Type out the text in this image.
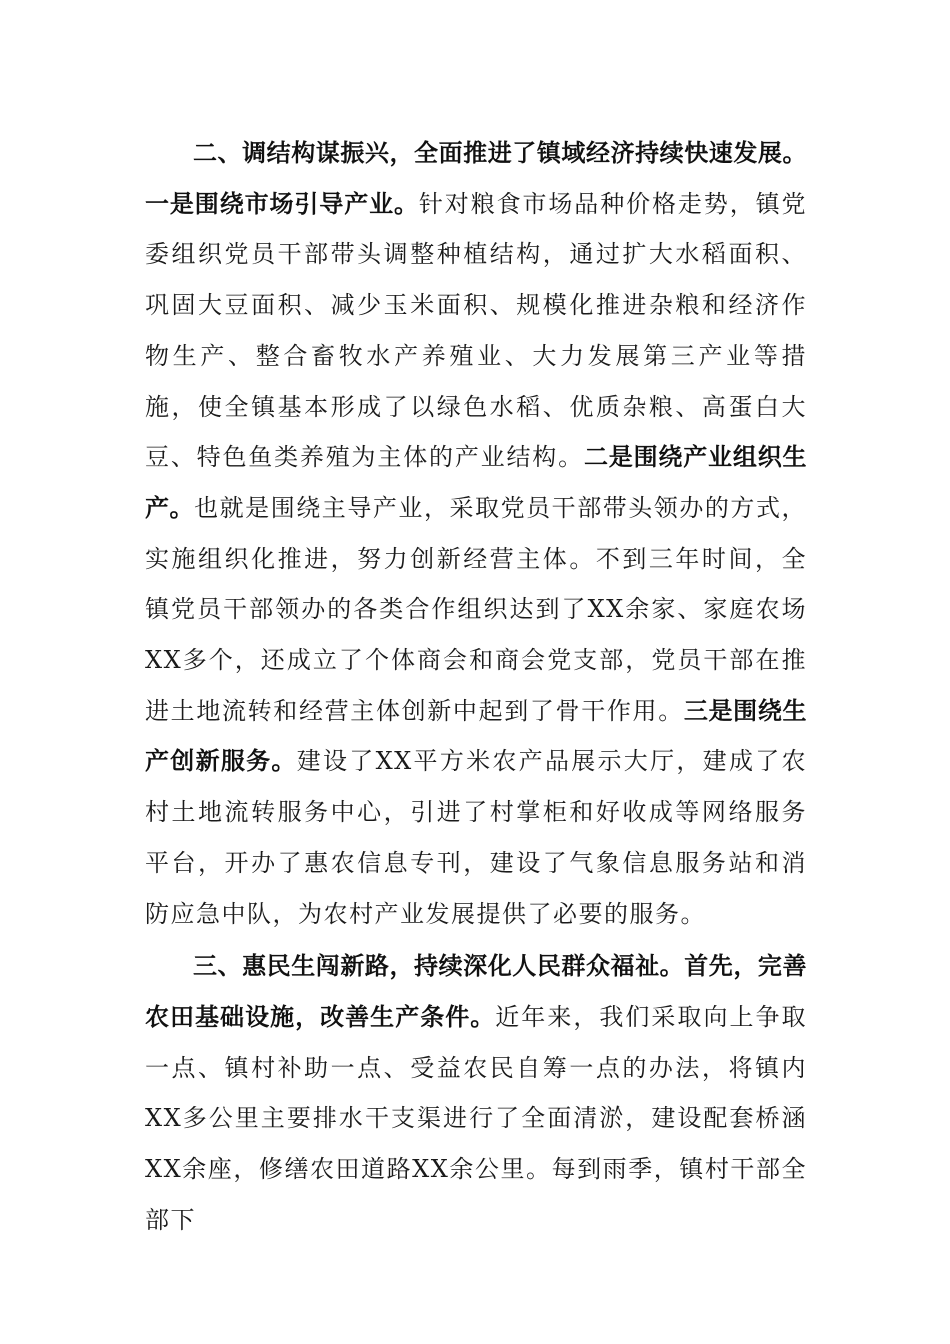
二、调结构谋振兴，全面推进了镇域经济持续快速发展。一是围绕市场引导产业。针对粮食市场品种价格走势，镇党委组织党员干部带头调整种植结构，通过扩大水稻面积、巩固大豆面积、减少玉米面积、规模化推进杂粮和经济作物生产、整合畜牧水产养殖业、大力发展第三产业等措施，使全镇基本形成了以绿色水稻、优质杂粮、高蛋白大豆、特色鱼类养殖为主体的产业结构。二是围绕产业组织生产。也就是围绕主导产业，采取党员干部带头领办的方式，实施组织化推进，努力创新经营主体。不到三年时间，全镇党员干部领办的各类合作组织达到了XX余家、家庭农场XX多个，还成立了个体商会和商会党支部，党员干部在推进土地流转和经营主体创新中起到了骨干作用。三是围绕生产创新服务。建设了XX平方米农产品展示大厅，建成了农村土地流转服务中心，引进了村掌柜和好收成等网络服务平台，开办了惠农信息专刊，建设了气象信息服务站和消防应急中队，为农村产业发展提供了必要的服务。

三、惠民生闯新路，持续深化人民群众福祉。首先，完善农田基础设施，改善生产条件。近年来，我们采取向上争取一点、镇村补助一点、受益农民自筹一点的办法，将镇内XX多公里主要排水干支渠进行了全面清淤，建设配套桥涵XX余座，修缮农田道路XX余公里。每到雨季，镇村干部全部下
